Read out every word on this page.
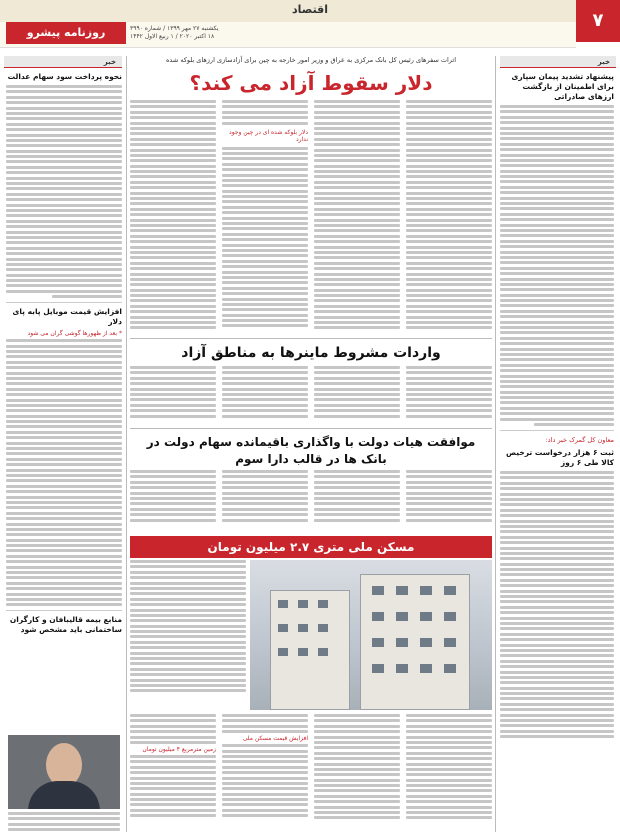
اقتصاد
۷
روزنامه پیشرو	یکشنبه ۲۷ مهر ۱۳۹۹ / شماره ۳۹۹۰
۱۸ اکتبر ۲۰۲۰ / ۱ ربیع الاول ۱۴۴۲
خبر
خبر
پیشنهاد تشدید پیمان سپاری برای اطمینان از بازگشت ارزهای صادراتی
معاون کل گمرک خبر داد:
ثبت ۶ هزار درخواست ترخیص کالا طی ۶ روز
نحوه پرداخت سود سهام عدالت
افزایش قیمت موبایل پابه پای دلار
* بعد از ظهورها گوشی گران می شود
منابع بیمه قالیبافان و کارگران ساختمانی باید مشخص شود
اثرات سفرهای رئیس کل بانک مرکزی به عراق و وزیر امور خارجه به چین برای آزادسازی ارزهای بلوکه شده
دلار سقوط آزاد می کند؟
دلار بلوکه شده ای در چین وجود ندارد
واردات مشروط ماینرها به مناطق آزاد
موافقت هیات دولت با واگذاری باقیمانده سهام دولت در بانک ها در قالب دارا سوم
مسکن ملی متری ۲.۷ میلیون تومان
افزایش قیمت مسکن ملی
زمین مترمربع ۴ میلیون تومان
